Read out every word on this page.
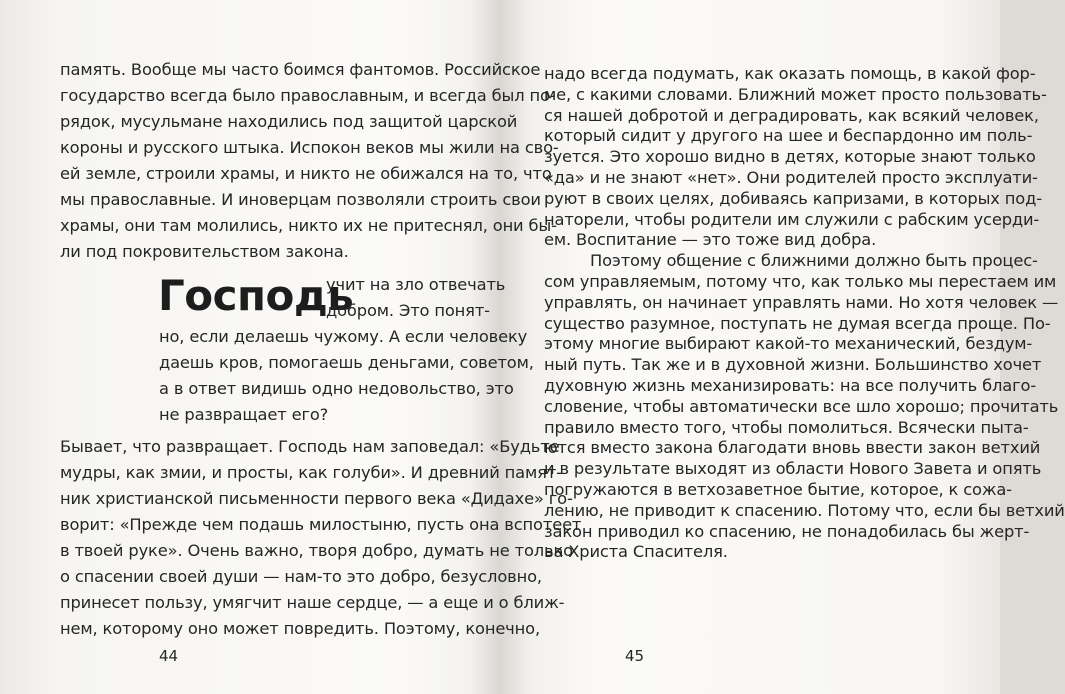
память. Вообще мы часто боимся фантомов. Российское
государство всегда было православным, и всегда был по-
рядок, мусульмане находились под защитой царской
короны и русского штыка. Испокон веков мы жили на сво-
ей земле, строили храмы, и никто не обижался на то, что
мы православные. И иноверцам позволяли строить свои
храмы, они там молились, никто их не притеснял, они бы-
ли под покровительством закона.
Господь
учит на зло отвечать
добром. Это понят-
но, если делаешь чужому. А если человеку
даешь кров, помогаешь деньгами, советом,
а в ответ видишь одно недовольство, это
не развращает его?
Бывает, что развращает. Господь нам заповедал: «Будьте
мудры, как змии, и просты, как голуби». И древний памят-
ник христианской письменности первого века «Дидахе» го-
ворит: «Прежде чем подашь милостыню, пусть она вспотеет
в твоей руке». Очень важно, творя добро, думать не только
о спасении своей души — нам-то это добро, безусловно,
принесет пользу, умягчит наше сердце, — а еще и о ближ-
нем, которому оно может повредить. Поэтому, конечно,
44
надо всегда подумать, как оказать помощь, в какой фор-
ме, с какими словами. Ближний может просто пользовать-
ся нашей добротой и деградировать, как всякий человек,
который сидит у другого на шее и беспардонно им поль-
зуется. Это хорошо видно в детях, которые знают только
«да» и не знают «нет». Они родителей просто эксплуати-
руют в своих целях, добиваясь капризами, в которых под-
наторели, чтобы родители им служили с рабским усерди-
ем. Воспитание — это тоже вид добра.
Поэтому общение с ближними должно быть процес-
сом управляемым, потому что, как только мы перестаем им
управлять, он начинает управлять нами. Но хотя человек —
существо разумное, поступать не думая всегда проще. По-
этому многие выбирают какой-то механический, бездум-
ный путь. Так же и в духовной жизни. Большинство хочет
духовную жизнь механизировать: на все получить благо-
словение, чтобы автоматически все шло хорошо; прочитать
правило вместо того, чтобы помолиться. Всячески пыта-
ются вместо закона благодати вновь ввести закон ветхий
и в результате выходят из области Нового Завета и опять
погружаются в ветхозаветное бытие, которое, к сожа-
лению, не приводит к спасению. Потому что, если бы ветхий
закон приводил ко спасению, не понадобилась бы жерт-
ва Христа Спасителя.
45
